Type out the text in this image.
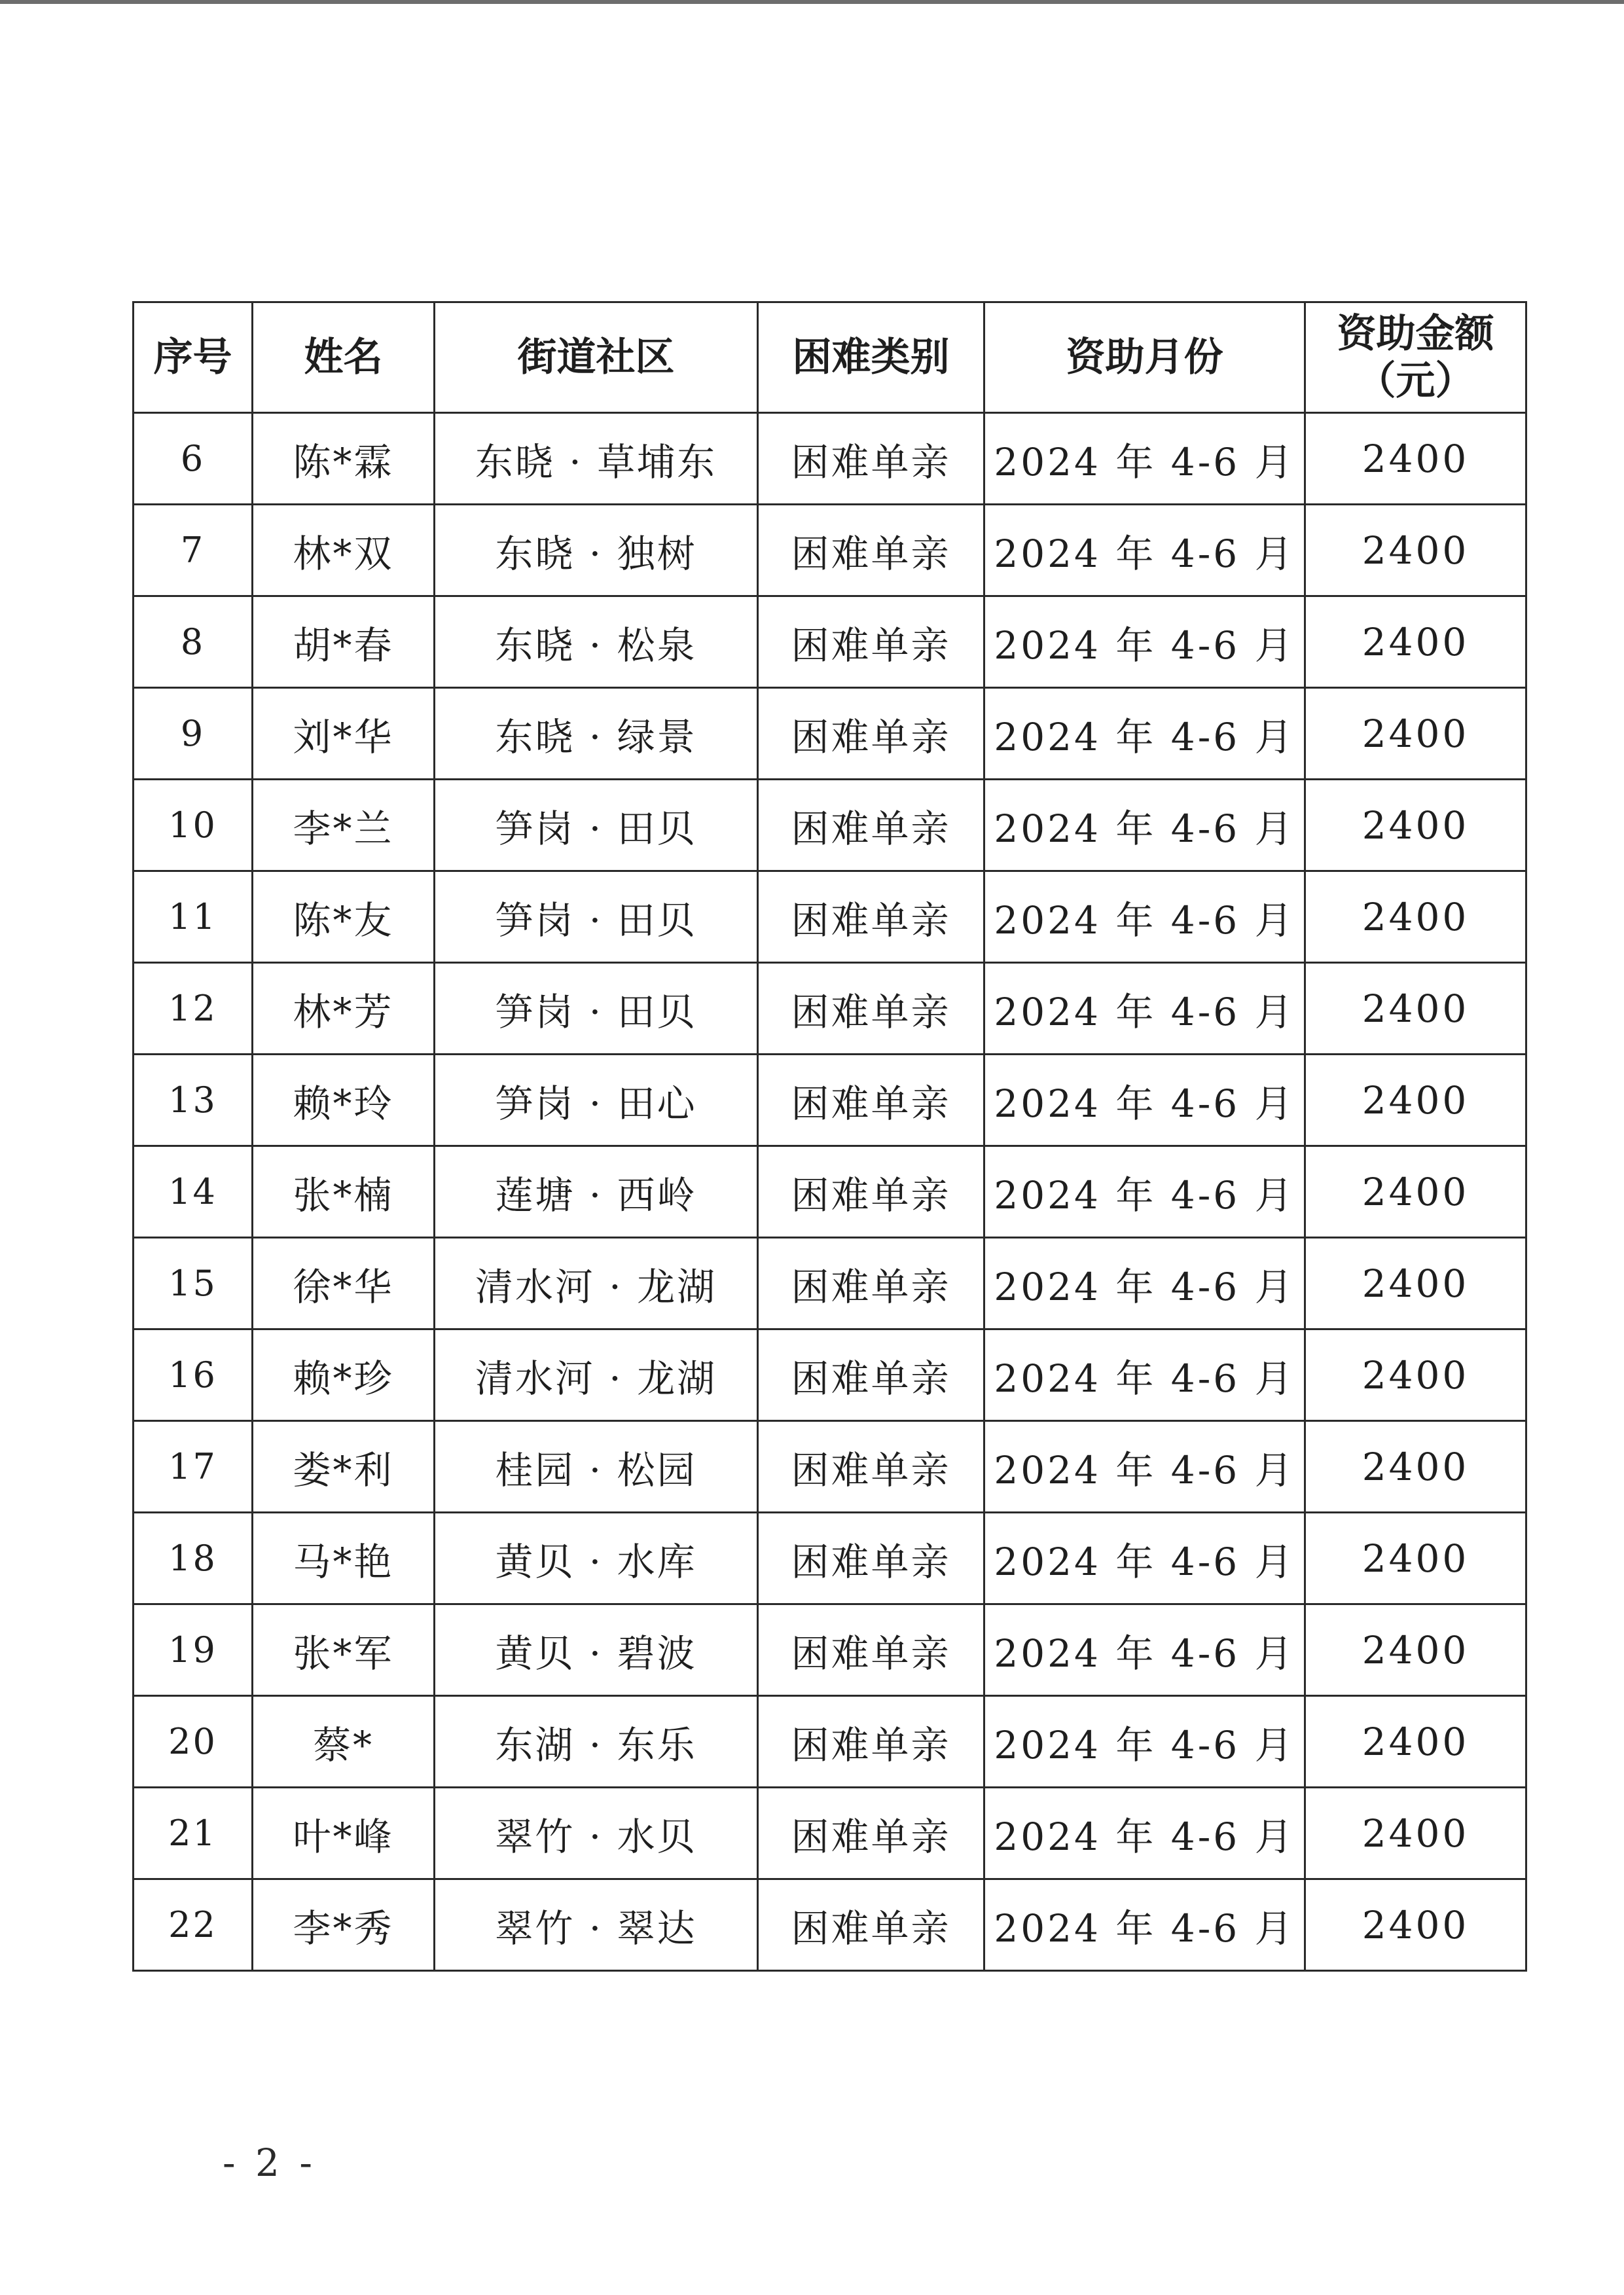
序号	姓名	街道社区	困难类别	资助月份	资助金额
（元）

6	陈*霖	东晓 · 草埔东	困难单亲	2024 年 4-6 月	2400
7	林*双	东晓 · 独树	困难单亲	2024 年 4-6 月	2400
8	胡*春	东晓 · 松泉	困难单亲	2024 年 4-6 月	2400
9	刘*华	东晓 · 绿景	困难单亲	2024 年 4-6 月	2400
10	李*兰	笋岗 · 田贝	困难单亲	2024 年 4-6 月	2400
11	陈*友	笋岗 · 田贝	困难单亲	2024 年 4-6 月	2400
12	林*芳	笋岗 · 田贝	困难单亲	2024 年 4-6 月	2400
13	赖*玲	笋岗 · 田心	困难单亲	2024 年 4-6 月	2400
14	张*楠	莲塘 · 西岭	困难单亲	2024 年 4-6 月	2400
15	徐*华	清水河 · 龙湖	困难单亲	2024 年 4-6 月	2400
16	赖*珍	清水河 · 龙湖	困难单亲	2024 年 4-6 月	2400
17	娄*利	桂园 · 松园	困难单亲	2024 年 4-6 月	2400
18	马*艳	黄贝 · 水库	困难单亲	2024 年 4-6 月	2400
19	张*军	黄贝 · 碧波	困难单亲	2024 年 4-6 月	2400
20	蔡*	东湖 · 东乐	困难单亲	2024 年 4-6 月	2400
21	叶*峰	翠竹 · 水贝	困难单亲	2024 年 4-6 月	2400
22	李*秀	翠竹 · 翠达	困难单亲	2024 年 4-6 月	2400
- 2 -
